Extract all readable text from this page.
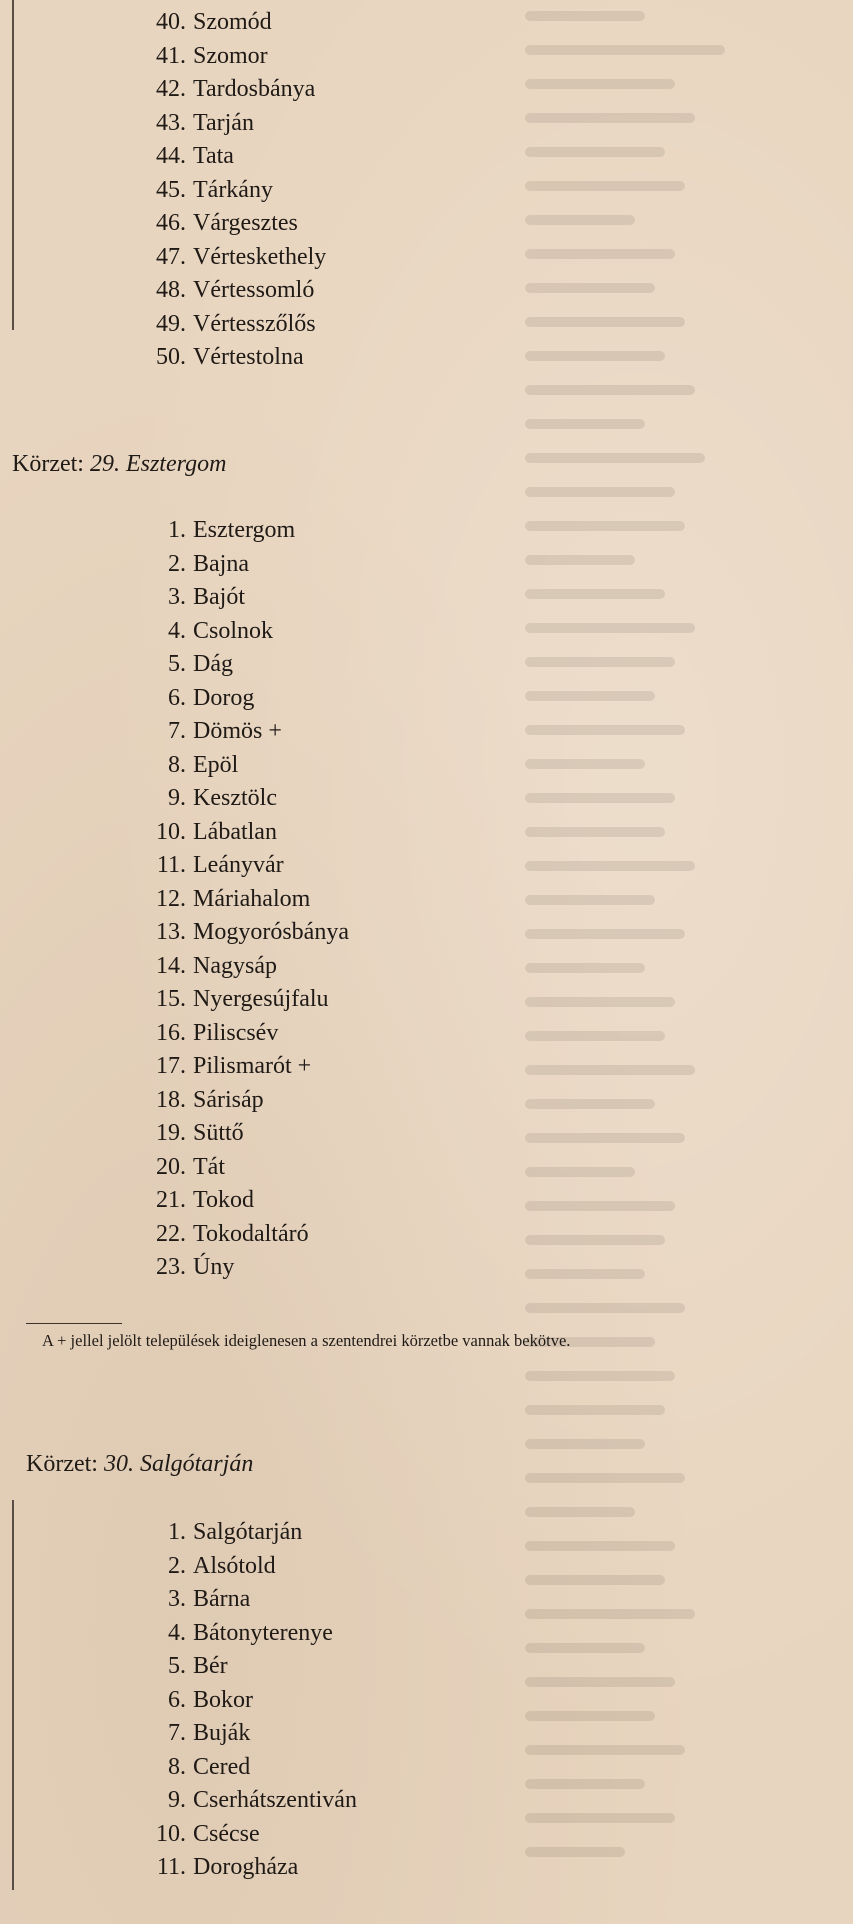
40. Szomód
41. Szomor
42. Tardosbánya
43. Tarján
44. Tata
45. Tárkány
46. Várgesztes
47. Vérteskethely
48. Vértessomló
49. Vértesszőlős
50. Vértestolna
Körzet: 29. Esztergom
1. Esztergom
2. Bajna
3. Bajót
4. Csolnok
5. Dág
6. Dorog
7. Dömös +
8. Epöl
9. Kesztölc
10. Lábatlan
11. Leányvár
12. Máriahalom
13. Mogyorósbánya
14. Nagysáp
15. Nyergesújfalu
16. Piliscsév
17. Pilismarót +
18. Sárisáp
19. Süttő
20. Tát
21. Tokod
22. Tokodaltáró
23. Úny
A + jellel jelölt települések ideiglenesen a szentendrei körzetbe vannak bekötve.
Körzet: 30. Salgótarján
1. Salgótarján
2. Alsótold
3. Bárna
4. Bátonyterenye
5. Bér
6. Bokor
7. Buják
8. Cered
9. Cserhátszentiván
10. Csécse
11. Dorogháza
